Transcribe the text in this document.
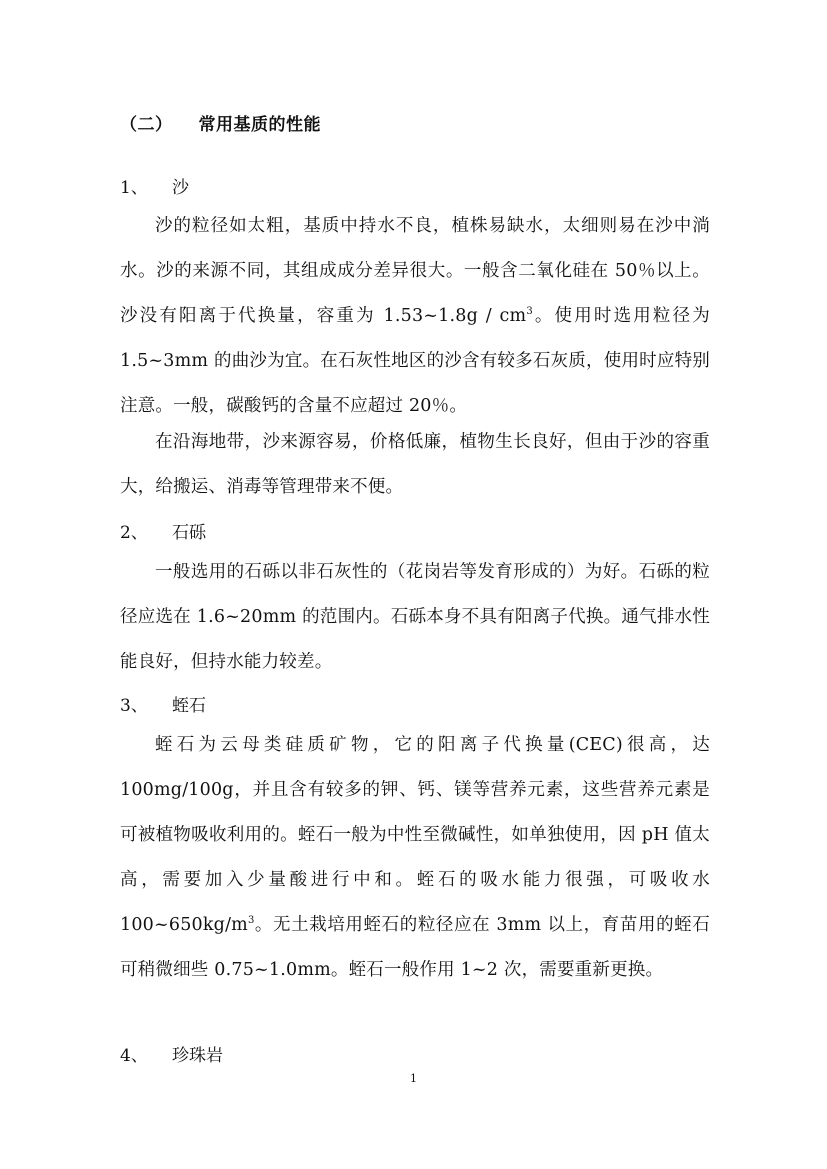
（二） 常用基质的性能
1、 沙
沙的粒径如太粗，基质中持水不良，植株易缺水，太细则易在沙中淌水。沙的来源不同，其组成成分差异很大。一般含二氧化硅在 50％以上。沙没有阳离于代换量，容重为 1.53~1.8g / $cm^3$。使用时选用粒径为 1.5~3mm 的曲沙为宜。在石灰性地区的沙含有较多石灰质，使用时应特别注意。一般，碳酸钙的含量不应超过 20％。
在沿海地带，沙来源容易，价格低廉，植物生长良好，但由于沙的容重大，给搬运、消毒等管理带来不便。
2、 石砾
一般选用的石砾以非石灰性的（花岗岩等发育形成的）为好。石砾的粒径应选在 1.6~20mm 的范围内。石砾本身不具有阳离子代换。通气排水性能良好，但持水能力较差。
3、 蛭石
蛭石为云母类硅质矿物，它的阳离子代换量(CEC)很高，达 100mg/100g，并且含有较多的钾、钙、镁等营养元素，这些营养元素是可被植物吸收利用的。蛭石一般为中性至微碱性，如单独使用，因 pH 值太高，需要加入少量酸进行中和。蛭石的吸水能力很强，可吸收水 $100\sim 650kg/m^3$。无土栽培用蛭石的粒径应在 3mm 以上，育苗用的蛭石可稍微细些 0.75~1.0mm。蛭石一般作用 1~2 次，需要重新更换。
4、 珍珠岩
1
